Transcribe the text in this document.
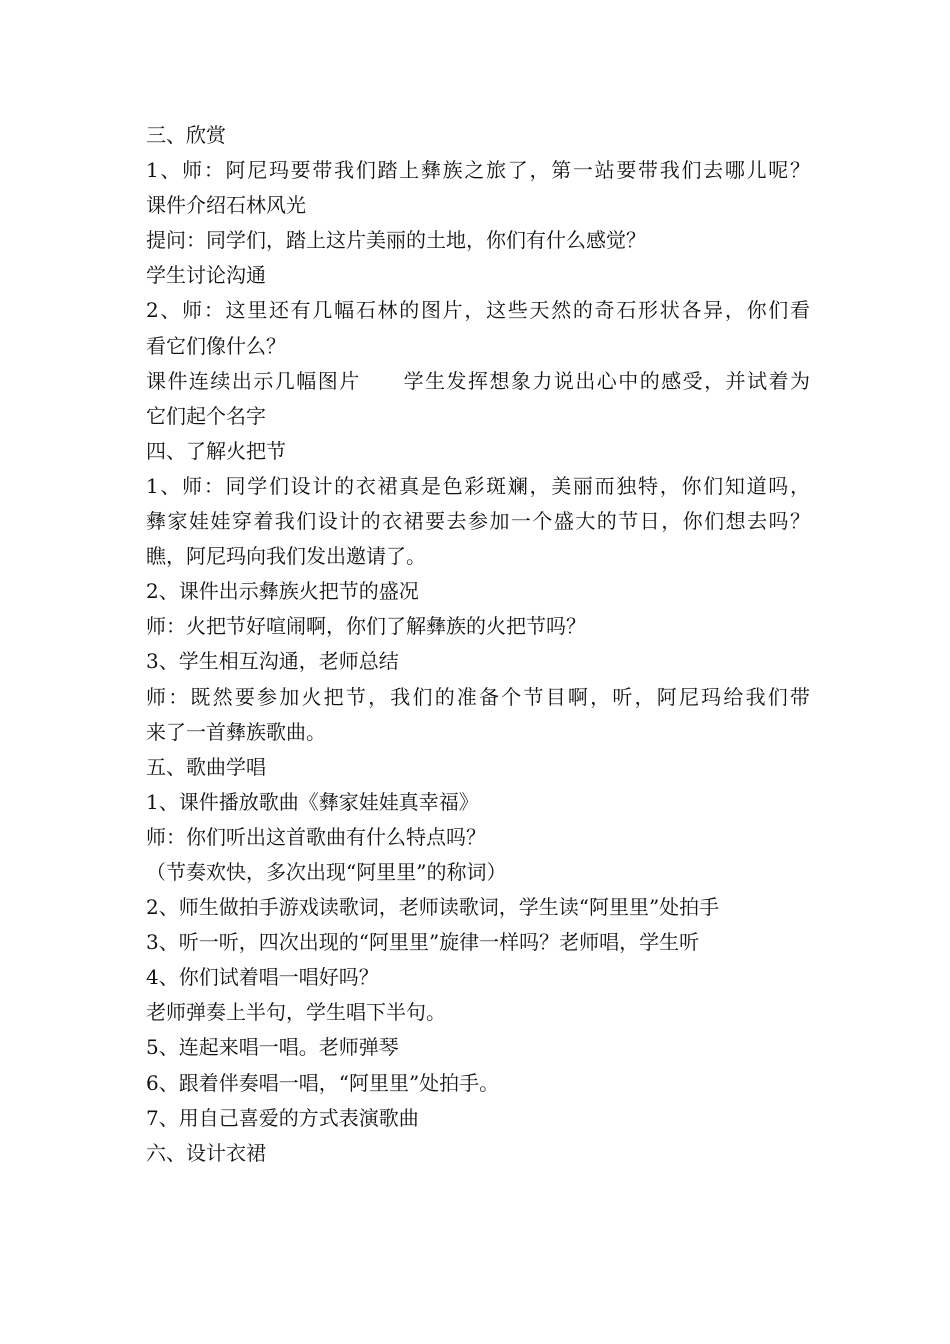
三、欣赏
1、师：阿尼玛要带我们踏上彝族之旅了，第一站要带我们去哪儿呢？
课件介绍石林风光
提问：同学们，踏上这片美丽的土地，你们有什么感觉？
学生讨论沟通
2、师：这里还有几幅石林的图片，这些天然的奇石形状各异，你们看
看它们像什么？
课件连续出示几幅图片　　学生发挥想象力说出心中的感受，并试着为
它们起个名字
四、了解火把节
1、师：同学们设计的衣裙真是色彩斑斓，美丽而独特，你们知道吗，
彝家娃娃穿着我们设计的衣裙要去参加一个盛大的节日，你们想去吗？
瞧，阿尼玛向我们发出邀请了。
2、课件出示彝族火把节的盛况
师：火把节好喧闹啊，你们了解彝族的火把节吗？
3、学生相互沟通，老师总结
师：既然要参加火把节，我们的准备个节目啊，听，阿尼玛给我们带
来了一首彝族歌曲。
五、歌曲学唱
1、课件播放歌曲《彝家娃娃真幸福》
师：你们听出这首歌曲有什么特点吗？
（节奏欢快，多次出现“阿里里”的称词）
2、师生做拍手游戏读歌词，老师读歌词，学生读“阿里里”处拍手
3、听一听，四次出现的“阿里里”旋律一样吗？老师唱，学生听
4、你们试着唱一唱好吗？
老师弹奏上半句，学生唱下半句。
5、连起来唱一唱。老师弹琴
6、跟着伴奏唱一唱，“阿里里”处拍手。
7、用自己喜爱的方式表演歌曲
六、设计衣裙
